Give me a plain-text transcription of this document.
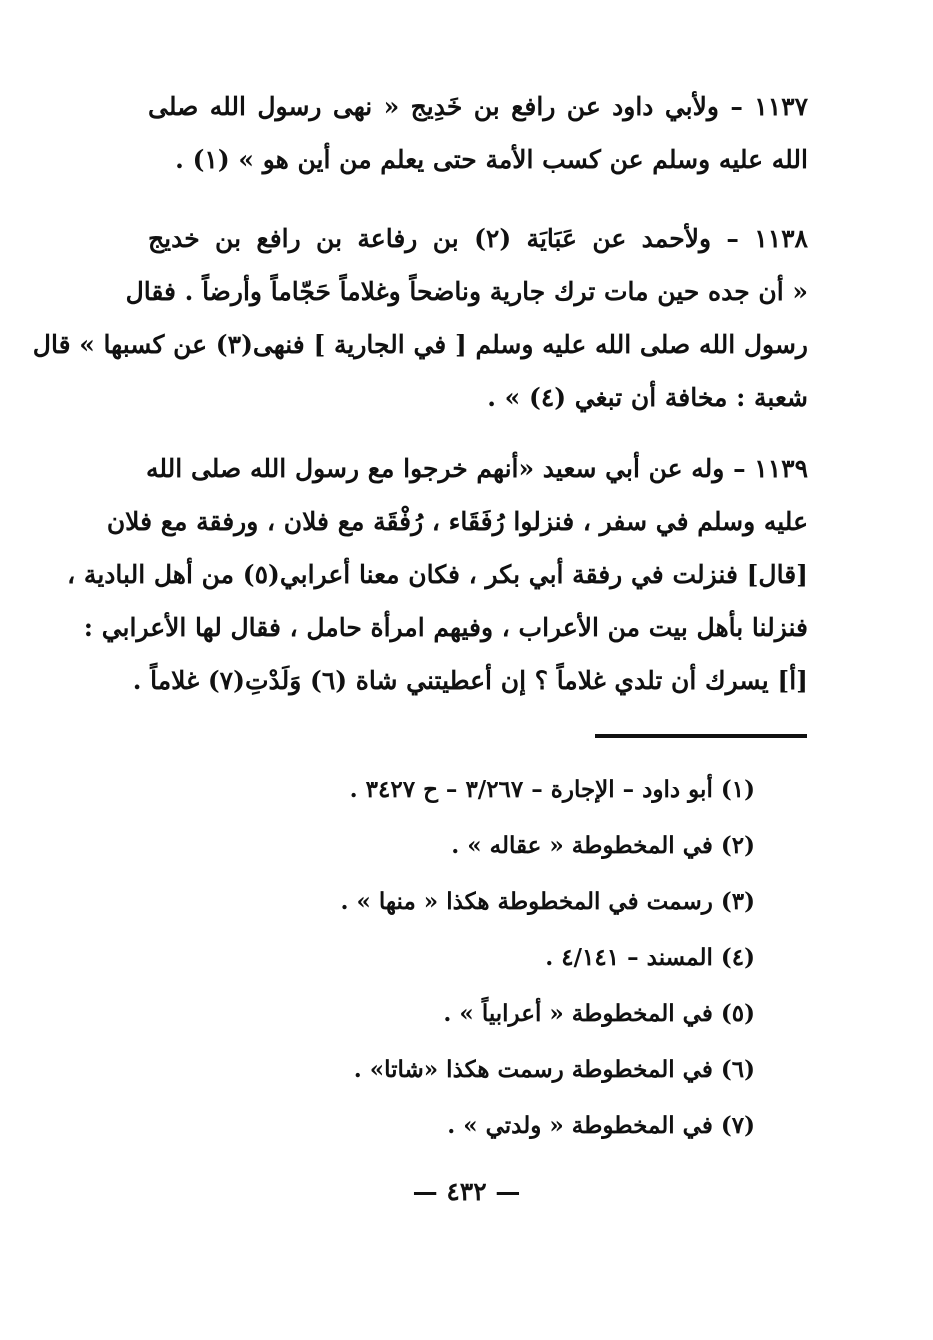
١١٣٧ – ولأبي داود عن رافع بن خَدِيج « نهى رسول الله صلى
الله عليه وسلم عن كسب الأمة حتى يعلم من أين هو » (١) .
١١٣٨ – ولأحمد عن عَبَايَة (٢) بن رفاعة بن رافع بن خديج
« أن جده حين مات ترك جارية وناضحاً وغلاماً حَجّاماً وأرضاً . فقال
رسول الله صلى الله عليه وسلم [ في الجارية ] فنهى(٣) عن كسبها » قال
شعبة : مخافة أن تبغي (٤) » .
١١٣٩ – وله عن أبي سعيد «أنهم خرجوا مع رسول الله صلى الله
عليه وسلم في سفر ، فنزلوا رُفَقَاء ، رُفْقَة مع فلان ، ورفقة مع فلان
[قال] فنزلت في رفقة أبي بكر ، فكان معنا أعرابي(٥) من أهل البادية ،
فنزلنا بأهل بيت من الأعراب ، وفيهم امرأة حامل ، فقال لها الأعرابي :
[أ] يسرك أن تلدي غلاماً ؟ إن أعطيتني شاة (٦) وَلَدْتِ(٧) غلاماً .
(١) أبو داود – الإجارة – ٣/٢٦٧ – ح ٣٤٢٧ .
(٢) في المخطوطة « عقاله » .
(٣) رسمت في المخطوطة هكذا « منها » .
(٤) المسند – ٤/١٤١ .
(٥) في المخطوطة « أعرابياً » .
(٦) في المخطوطة رسمت هكذا «شاتا» .
(٧) في المخطوطة « ولدتي » .
— ٤٣٢ —
